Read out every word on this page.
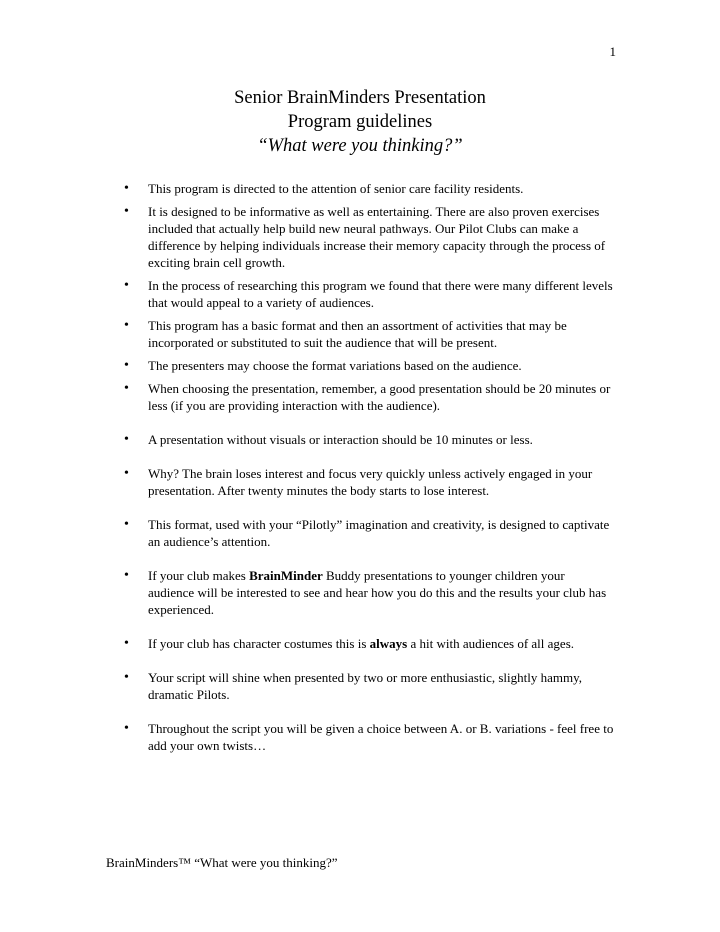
1
Senior BrainMinders Presentation
Program guidelines
“What were you thinking?”
• This program is directed to the attention of senior care facility residents.
• It is designed to be informative as well as entertaining. There are also proven exercises included that actually help build new neural pathways. Our Pilot Clubs can make a difference by helping individuals increase their memory capacity through the process of exciting brain cell growth.
• In the process of researching this program we found that there were many different levels that would appeal to a variety of audiences.
• This program has a basic format and then an assortment of activities that may be incorporated or substituted to suit the audience that will be present.
• The presenters may choose the format variations based on the audience.
• When choosing the presentation, remember, a good presentation should be 20 minutes or less (if you are providing interaction with the audience).
• A presentation without visuals or interaction should be 10 minutes or less.
• Why? The brain loses interest and focus very quickly unless actively engaged in your presentation. After twenty minutes the body starts to lose interest.
• This format, used with your “Pilotly” imagination and creativity, is designed to captivate an audience’s attention.
• If your club makes BrainMinder Buddy presentations to younger children your audience will be interested to see and hear how you do this and the results your club has experienced.
• If your club has character costumes this is always a hit with audiences of all ages.
• Your script will shine when presented by two or more enthusiastic, slightly hammy, dramatic Pilots.
• Throughout the script you will be given a choice between A. or B. variations - feel free to add your own twists…
BrainMinders™ “What were you thinking?”
